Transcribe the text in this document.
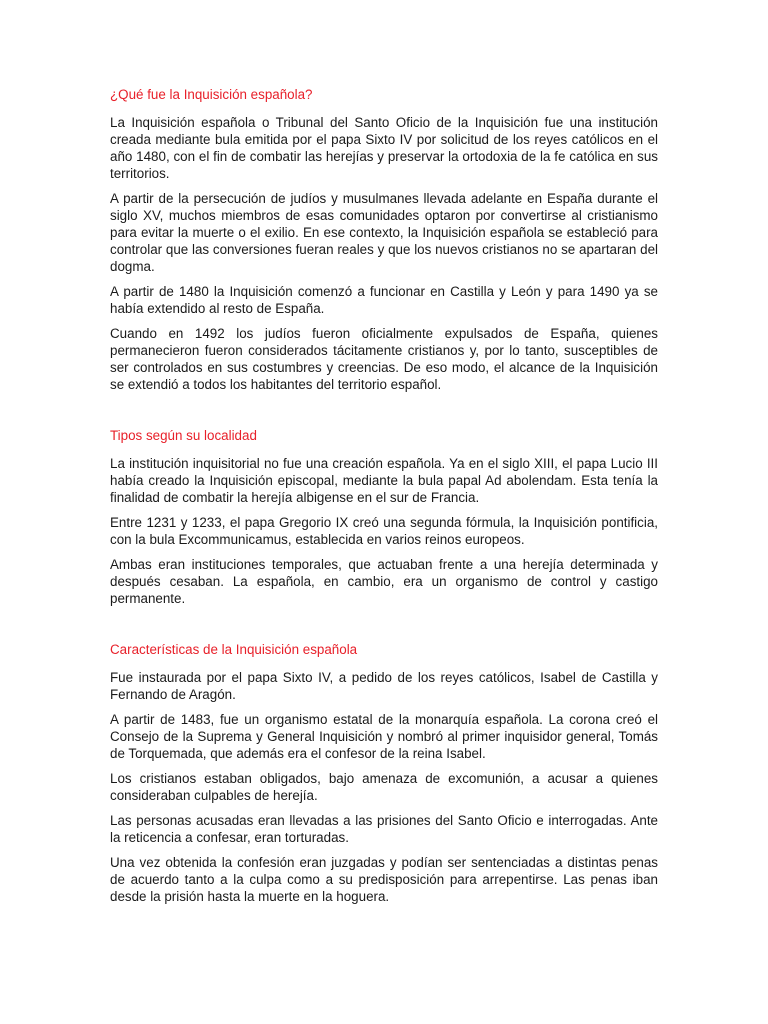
¿Qué fue la Inquisición española?

La Inquisición española o Tribunal del Santo Oficio de la Inquisición fue una institución creada mediante bula emitida por el papa Sixto IV por solicitud de los reyes católicos en el año 1480, con el fin de combatir las herejías y preservar la ortodoxia de la fe católica en sus territorios.

A partir de la persecución de judíos y musulmanes llevada adelante en España durante el siglo XV, muchos miembros de esas comunidades optaron por convertirse al cristianismo para evitar la muerte o el exilio. En ese contexto, la Inquisición española se estableció para controlar que las conversiones fueran reales y que los nuevos cristianos no se apartaran del dogma.

A partir de 1480 la Inquisición comenzó a funcionar en Castilla y León y para 1490 ya se había extendido al resto de España.

Cuando en 1492 los judíos fueron oficialmente expulsados de España, quienes permanecieron fueron considerados tácitamente cristianos y, por lo tanto, susceptibles de ser controlados en sus costumbres y creencias. De eso modo, el alcance de la Inquisición se extendió a todos los habitantes del territorio español.

Tipos según su localidad

La institución inquisitorial no fue una creación española. Ya en el siglo XIII, el papa Lucio III había creado la Inquisición episcopal, mediante la bula papal Ad abolendam. Esta tenía la finalidad de combatir la herejía albigense en el sur de Francia.

Entre 1231 y 1233, el papa Gregorio IX creó una segunda fórmula, la Inquisición pontificia, con la bula Excommunicamus, establecida en varios reinos europeos.

Ambas eran instituciones temporales, que actuaban frente a una herejía determinada y después cesaban. La española, en cambio, era un organismo de control y castigo permanente.

Características de la Inquisición española

Fue instaurada por el papa Sixto IV, a pedido de los reyes católicos, Isabel de Castilla y Fernando de Aragón.

A partir de 1483, fue un organismo estatal de la monarquía española. La corona creó el Consejo de la Suprema y General Inquisición y nombró al primer inquisidor general, Tomás de Torquemada, que además era el confesor de la reina Isabel.

Los cristianos estaban obligados, bajo amenaza de excomunión, a acusar a quienes consideraban culpables de herejía.

Las personas acusadas eran llevadas a las prisiones del Santo Oficio e interrogadas. Ante la reticencia a confesar, eran torturadas.

Una vez obtenida la confesión eran juzgadas y podían ser sentenciadas a distintas penas de acuerdo tanto a la culpa como a su predisposición para arrepentirse. Las penas iban desde la prisión hasta la muerte en la hoguera.
